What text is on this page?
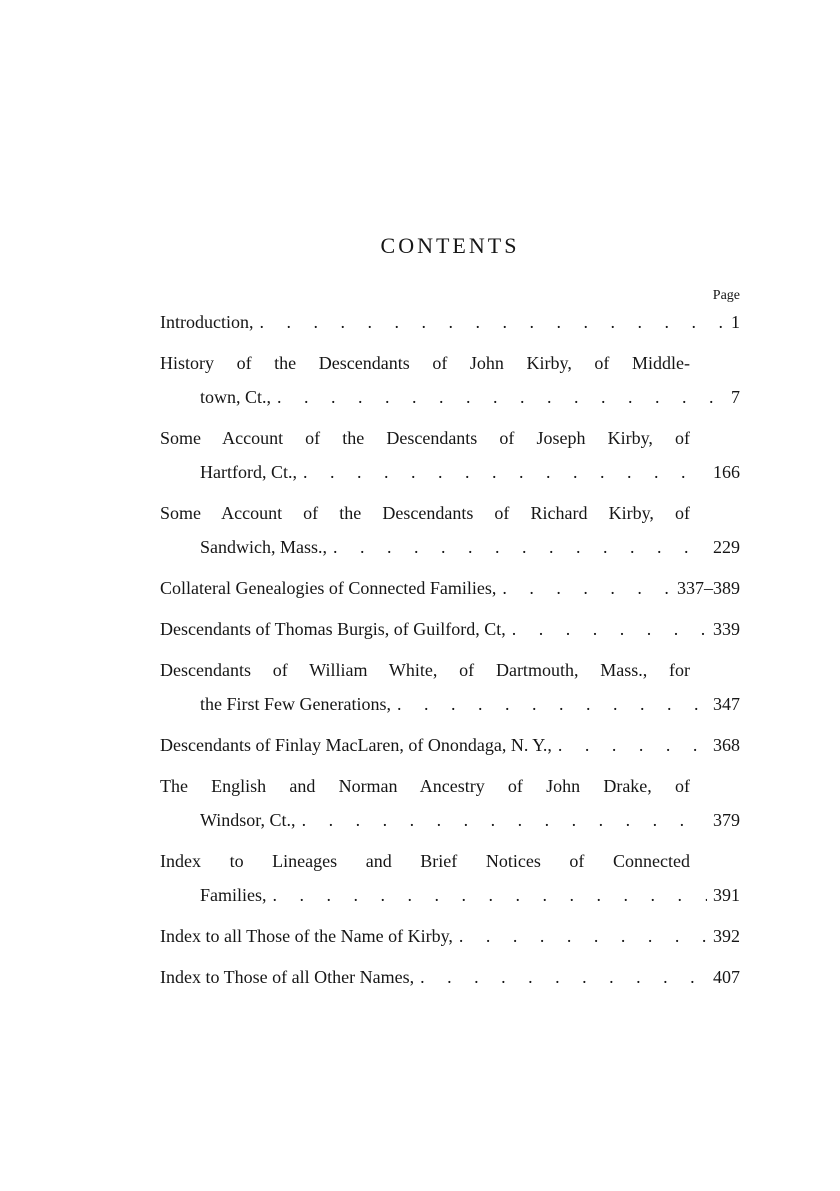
CONTENTS
Page
Introduction, . . .	1
History of the Descendants of John Kirby, of Middle-
town, Ct., . . .	7
Some Account of the Descendants of Joseph Kirby, of
Hartford, Ct., . . .	166
Some Account of the Descendants of Richard Kirby, of
Sandwich, Mass., . . .	229
Collateral Genealogies of Connected Families, . . .	337–389
Descendants of Thomas Burgis, of Guilford, Ct, . . .	339
Descendants of William White, of Dartmouth, Mass., for
the First Few Generations, . . .	347
Descendants of Finlay MacLaren, of Onondaga, N. Y., . . .	368
The English and Norman Ancestry of John Drake, of
Windsor, Ct., . . .	379
Index to Lineages and Brief Notices of Connected
Families, . . .	391
Index to all Those of the Name of Kirby, . . .	392
Index to Those of all Other Names, . . .	407
